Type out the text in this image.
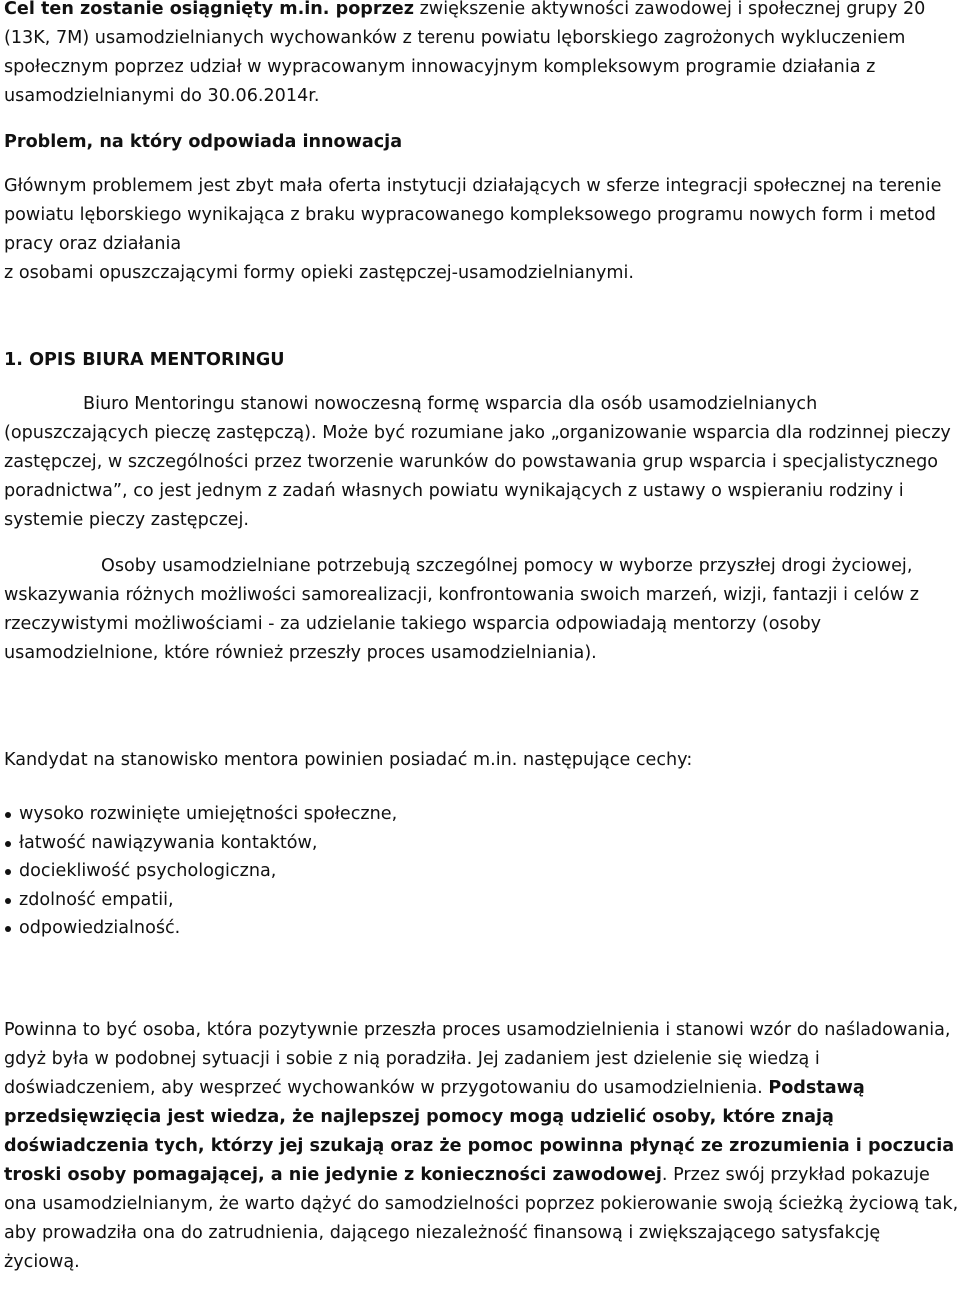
Cel ten zostanie osiągnięty m.in. poprzez zwiększenie aktywności zawodowej i społecznej grupy 20 (13K, 7M) usamodzielnianych wychowanków z terenu powiatu lęborskiego zagrożonych wykluczeniem społecznym poprzez udział w wypracowanym innowacyjnym kompleksowym programie działania z usamodzielnianymi do 30.06.2014r.

Problem, na który odpowiada innowacja

Głównym problemem jest zbyt mała oferta instytucji działających w sferze integracji społecznej na terenie powiatu lęborskiego wynikająca z braku wypracowanego kompleksowego programu nowych form i metod pracy oraz działania
z osobami opuszczającymi formy opieki zastępczej-usamodzielnianymi.

1. OPIS BIURA MENTORINGU

Biuro Mentoringu stanowi nowoczesną formę wsparcia dla osób usamodzielnianych (opuszczających pieczę zastępczą). Może być rozumiane jako „organizowanie wsparcia dla rodzinnej pieczy zastępczej, w szczególności przez tworzenie warunków do powstawania grup wsparcia i specjalistycznego poradnictwa”, co jest jednym z zadań własnych powiatu wynikających z ustawy o wspieraniu rodziny i systemie pieczy zastępczej.

Osoby usamodzielniane potrzebują szczególnej pomocy w wyborze przyszłej drogi życiowej, wskazywania różnych możliwości samorealizacji, konfrontowania swoich marzeń, wizji, fantazji i celów z rzeczywistymi możliwościami - za udzielanie takiego wsparcia odpowiadają mentorzy (osoby usamodzielnione, które również przeszły proces usamodzielniania).

Kandydat na stanowisko mentora powinien posiadać m.in. następujące cechy:

wysoko rozwinięte umiejętności społeczne,
łatwość nawiązywania kontaktów,
dociekliwość psychologiczna,
zdolność empatii,
odpowiedzialność.

Powinna to być osoba, która pozytywnie przeszła proces usamodzielnienia i stanowi wzór do naśladowania, gdyż była w podobnej sytuacji i sobie z nią poradziła. Jej zadaniem jest dzielenie się wiedzą i doświadczeniem, aby wesprzeć wychowanków w przygotowaniu do usamodzielnienia. Podstawą przedsięwzięcia jest wiedza, że najlepszej pomocy mogą udzielić osoby, które znają doświadczenia tych, którzy jej szukają oraz że pomoc powinna płynąć ze zrozumienia i poczucia troski osoby pomagającej, a nie jedynie z konieczności zawodowej. Przez swój przykład pokazuje ona usamodzielnianym, że warto dążyć do samodzielności poprzez pokierowanie swoją ścieżką życiową tak, aby prowadziła ona do zatrudnienia, dającego niezależność finansową i zwiększającego satysfakcję życiową.
